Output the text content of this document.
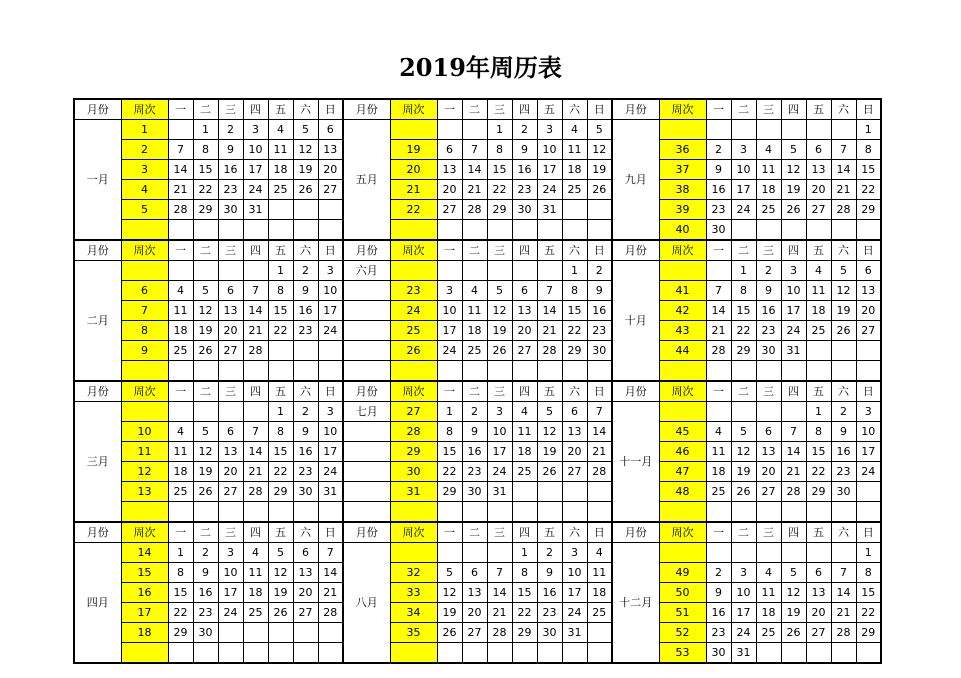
2019年周历表
月份	周次	一	二	三	四	五	六	日	月份	周次	一	二	三	四	五	六	日	月份	周次	一	二	三	四	五	六	日
一月	1		1	2	3	4	5	6	五月				1	2	3	4	5	九月								1
	2	7	8	9	10	11	12	13		19	6	7	8	9	10	11	12		36	2	3	4	5	6	7	8
	3	14	15	16	17	18	19	20		20	13	14	15	16	17	18	19		37	9	10	11	12	13	14	15
	4	21	22	23	24	25	26	27		21	20	21	22	23	24	25	26		38	16	17	18	19	20	21	22
	5	28	29	30	31					22	27	28	29	30	31				39	23	24	25	26	27	28	29
																			40	30						
月份	周次	一	二	三	四	五	六	日	月份	周次	一	二	三	四	五	六	日	月份	周次	一	二	三	四	五	六	日
二月						1	2	3	六月							1	2	十月			1	2	3	4	5	6
	6	4	5	6	7	8	9	10		23	3	4	5	6	7	8	9		41	7	8	9	10	11	12	13
	7	11	12	13	14	15	16	17		24	10	11	12	13	14	15	16		42	14	15	16	17	18	19	20
	8	18	19	20	21	22	23	24		25	17	18	19	20	21	22	23		43	21	22	23	24	25	26	27
	9	25	26	27	28					26	24	25	26	27	28	29	30		44	28	29	30	31			

月份	周次	一	二	三	四	五	六	日	月份	周次	一	二	三	四	五	六	日	月份	周次	一	二	三	四	五	六	日
三月						1	2	3	七月	27	1	2	3	4	5	6	7	十一月						1	2	3
	10	4	5	6	7	8	9	10		28	8	9	10	11	12	13	14		45	4	5	6	7	8	9	10
	11	11	12	13	14	15	16	17		29	15	16	17	18	19	20	21		46	11	12	13	14	15	16	17
	12	18	19	20	21	22	23	24		30	22	23	24	25	26	27	28		47	18	19	20	21	22	23	24
	13	25	26	27	28	29	30	31		31	29	30	31						48	25	26	27	28	29	30	

月份	周次	一	二	三	四	五	六	日	月份	周次	一	二	三	四	五	六	日	月份	周次	一	二	三	四	五	六	日
四月	14	1	2	3	4	5	6	7	八月					1	2	3	4	十二月								1
	15	8	9	10	11	12	13	14		32	5	6	7	8	9	10	11		49	2	3	4	5	6	7	8
	16	15	16	17	18	19	20	21		33	12	13	14	15	16	17	18		50	9	10	11	12	13	14	15
	17	22	23	24	25	26	27	28		34	19	20	21	22	23	24	25		51	16	17	18	19	20	21	22
	18	29	30							35	26	27	28	29	30	31			52	23	24	25	26	27	28	29
																			53	30	31					
